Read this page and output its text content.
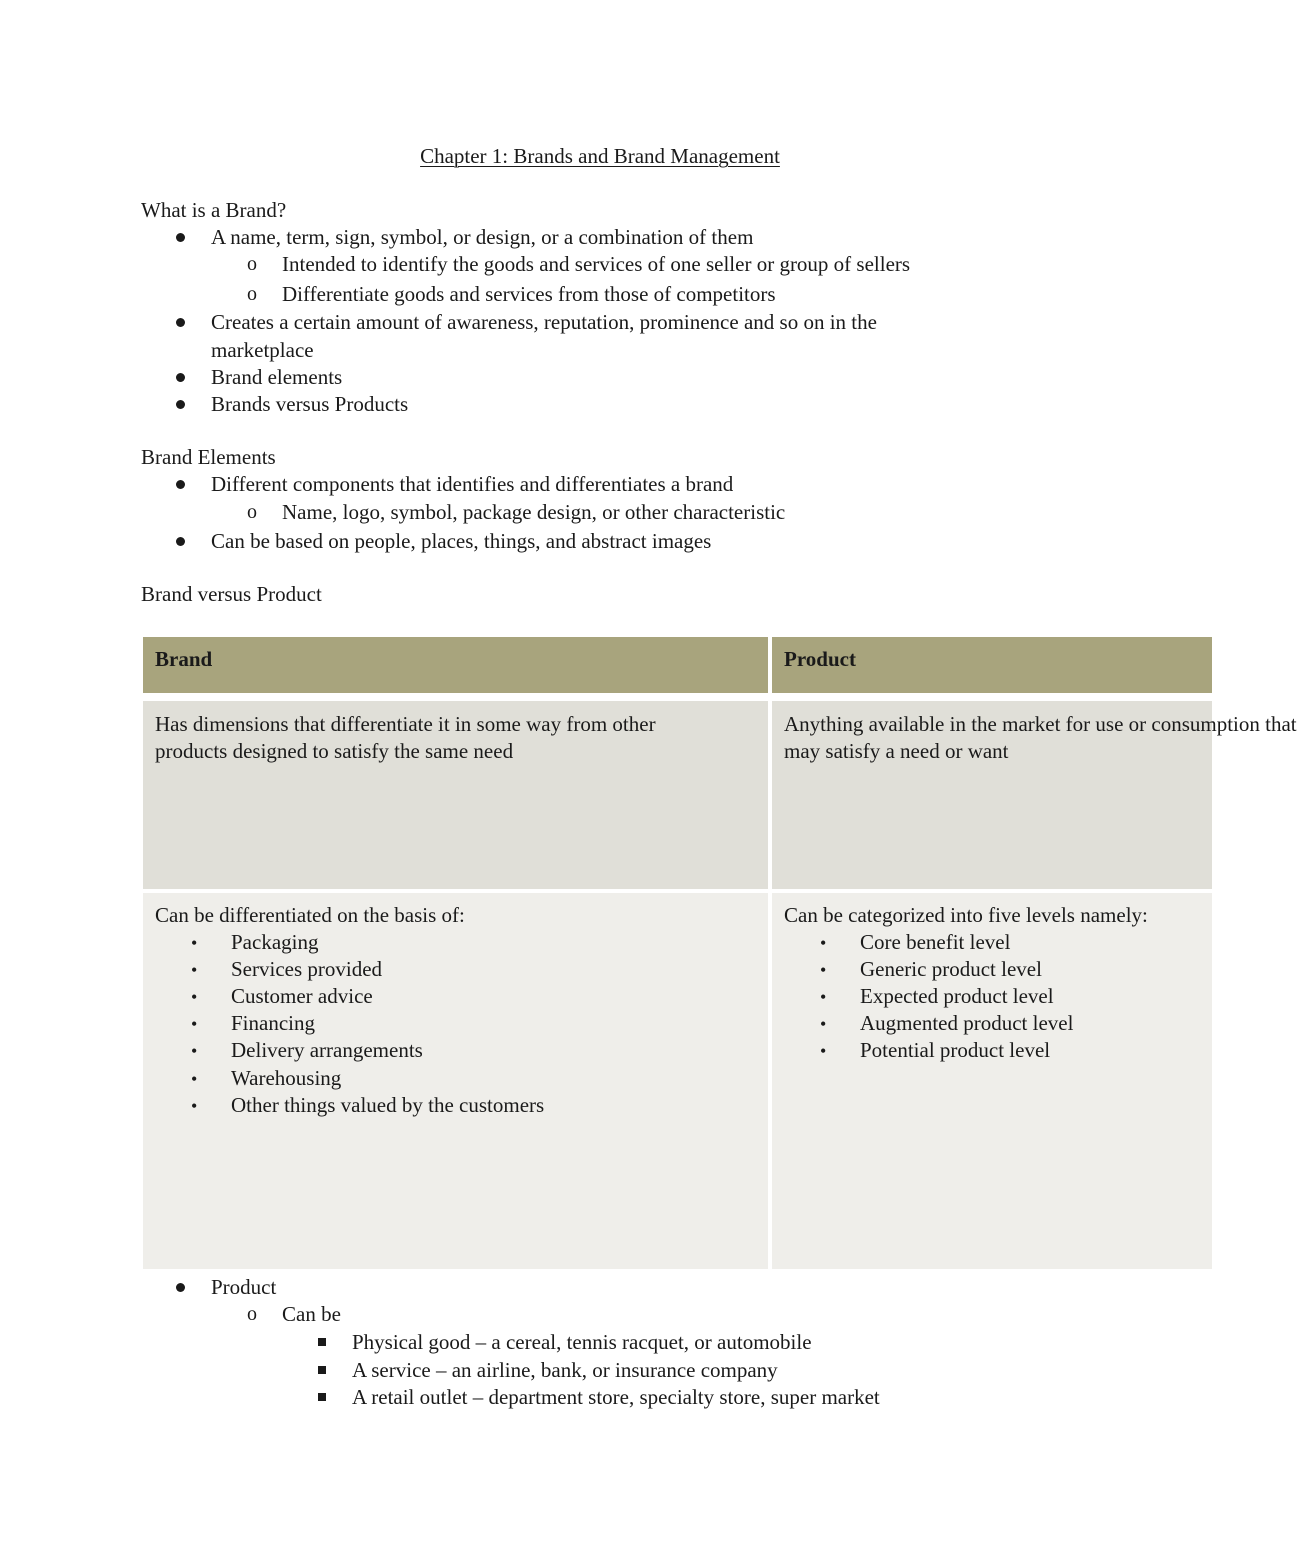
Chapter 1: Brands and Brand Management
What is a Brand?
A name, term, sign, symbol, or design, or a combination of them
o Intended to identify the goods and services of one seller or group of sellers
o Differentiate goods and services from those of competitors
Creates a certain amount of awareness, reputation, prominence and so on in the
marketplace
Brand elements
Brands versus Products
Brand Elements
Different components that identifies and differentiates a brand
o Name, logo, symbol, package design, or other characteristic
Can be based on people, places, things, and abstract images
Brand versus Product
Brand	Product
Has dimensions that differentiate it in some way from other
products designed to satisfy the same need
Anything available in the market for use or consumption that
may satisfy a need or want
Can be differentiated on the basis of:
• Packaging
• Services provided
• Customer advice
• Financing
• Delivery arrangements
• Warehousing
• Other things valued by the customers
Can be categorized into five levels namely:
• Core benefit level
• Generic product level
• Expected product level
• Augmented product level
• Potential product level
Product
o Can be
Physical good – a cereal, tennis racquet, or automobile
A service – an airline, bank, or insurance company
A retail outlet – department store, specialty store, super market
